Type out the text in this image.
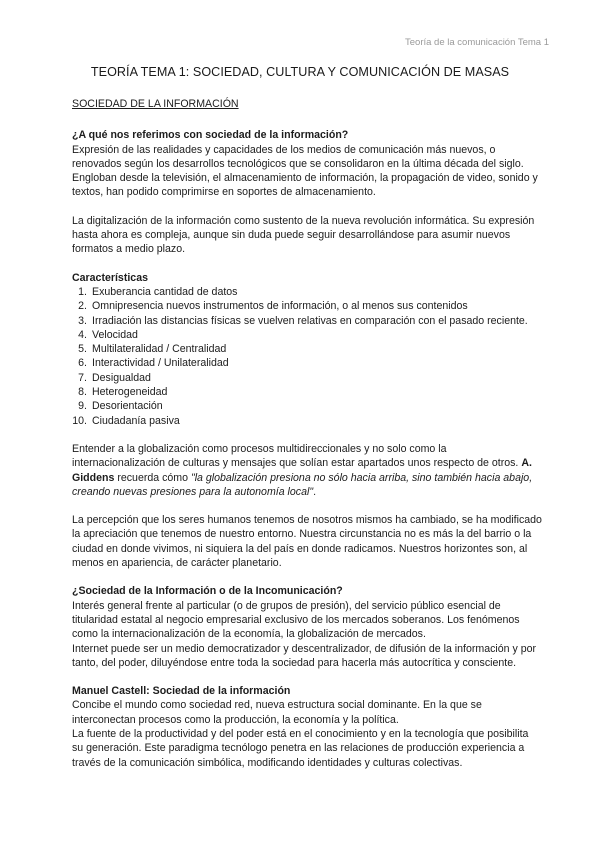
Teoría de la comunicación Tema 1
TEORÍA TEMA 1: SOCIEDAD, CULTURA Y COMUNICACIÓN DE MASAS

SOCIEDAD DE LA INFORMACIÓN

¿A qué nos referimos con sociedad de la información?

Expresión de las realidades y capacidades de los medios de comunicación más nuevos, o renovados según los desarrollos tecnológicos que se consolidaron en la última década del siglo. Engloban desde la televisión, el almacenamiento de información, la propagación de video, sonido y textos, han podido comprimirse en soportes de almacenamiento.

La digitalización de la información como sustento de la nueva revolución informática. Su expresión hasta ahora es compleja, aunque sin duda puede seguir desarrollándose para asumir nuevos formatos a medio plazo.

Características

1. Exuberancia cantidad de datos
2. Omnipresencia nuevos instrumentos de información, o al menos sus contenidos
3. Irradiación las distancias físicas se vuelven relativas en comparación con el pasado reciente.
4. Velocidad
5. Multilateralidad / Centralidad
6. Interactividad / Unilateralidad
7. Desigualdad
8. Heterogeneidad
9. Desorientación
10. Ciudadanía pasiva

Entender a la globalización como procesos multidireccionales y no solo como la internacionalización de culturas y mensajes que solían estar apartados unos respecto de otros. A. Giddens recuerda cómo "la globalización presiona no sólo hacia arriba, sino también hacia abajo, creando nuevas presiones para la autonomía local".

La percepción que los seres humanos tenemos de nosotros mismos ha cambiado, se ha modificado la apreciación que tenemos de nuestro entorno. Nuestra circunstancia no es más la del barrio o la ciudad en donde vivimos, ni siquiera la del país en donde radicamos. Nuestros horizontes son, al menos en apariencia, de carácter planetario.

¿Sociedad de la Información o de la Incomunicación?

Interés general frente al particular (o de grupos de presión), del servicio público esencial de titularidad estatal al negocio empresarial exclusivo de los mercados soberanos. Los fenómenos como la internacionalización de la economía, la globalización de mercados.

Internet puede ser un medio democratizador y descentralizador, de difusión de la información y por tanto, del poder, diluyéndose entre toda la sociedad para hacerla más autocrítica y consciente.

Manuel Castell: Sociedad de la información

Concibe el mundo como sociedad red, nueva estructura social dominante. En la que se interconectan procesos como la producción, la economía y la política.

La fuente de la productividad y del poder está en el conocimiento y en la tecnología que posibilita su generación. Este paradigma tecnólogo penetra en las relaciones de producción experiencia a través de la comunicación simbólica, modificando identidades y culturas colectivas.
